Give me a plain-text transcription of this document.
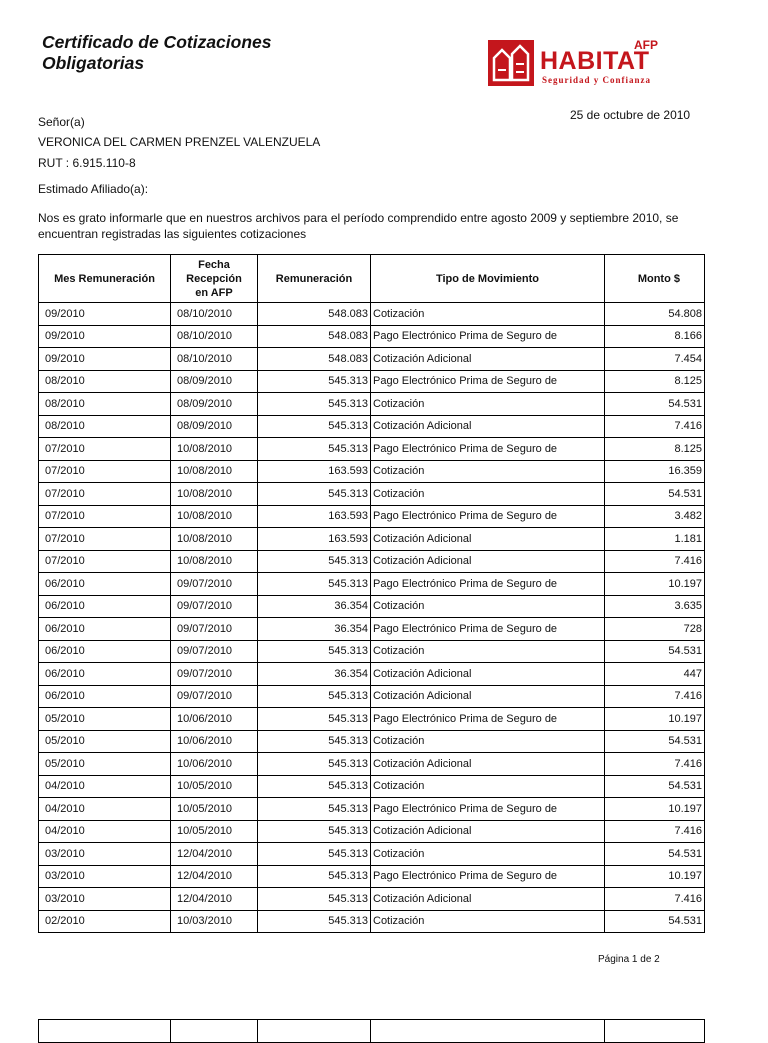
Certificado de Cotizaciones
Obligatorias
AFP
HABITAT
Seguridad y Confianza
25 de octubre de 2010
Señor(a)
VERONICA DEL CARMEN PRENZEL VALENZUELA
RUT : 6.915.110-8
Estimado Afiliado(a):
Nos es grato informarle que en nuestros archivos para el período comprendido entre agosto 2009 y septiembre 2010, se encuentran registradas las siguientes cotizaciones
Mes Remuneración	Fecha Recepción en AFP	Remuneración	Tipo de Movimiento	Monto $
09/2010	08/10/2010	548.083	Cotización	54.808
09/2010	08/10/2010	548.083	Pago Electrónico Prima de Seguro de	8.166
09/2010	08/10/2010	548.083	Cotización Adicional	7.454
08/2010	08/09/2010	545.313	Pago Electrónico Prima de Seguro de	8.125
08/2010	08/09/2010	545.313	Cotización	54.531
08/2010	08/09/2010	545.313	Cotización Adicional	7.416
07/2010	10/08/2010	545.313	Pago Electrónico Prima de Seguro de	8.125
07/2010	10/08/2010	163.593	Cotización	16.359
07/2010	10/08/2010	545.313	Cotización	54.531
07/2010	10/08/2010	163.593	Pago Electrónico Prima de Seguro de	3.482
07/2010	10/08/2010	163.593	Cotización Adicional	1.181
07/2010	10/08/2010	545.313	Cotización Adicional	7.416
06/2010	09/07/2010	545.313	Pago Electrónico Prima de Seguro de	10.197
06/2010	09/07/2010	36.354	Cotización	3.635
06/2010	09/07/2010	36.354	Pago Electrónico Prima de Seguro de	728
06/2010	09/07/2010	545.313	Cotización	54.531
06/2010	09/07/2010	36.354	Cotización Adicional	447
06/2010	09/07/2010	545.313	Cotización Adicional	7.416
05/2010	10/06/2010	545.313	Pago Electrónico Prima de Seguro de	10.197
05/2010	10/06/2010	545.313	Cotización	54.531
05/2010	10/06/2010	545.313	Cotización Adicional	7.416
04/2010	10/05/2010	545.313	Cotización	54.531
04/2010	10/05/2010	545.313	Pago Electrónico Prima de Seguro de	10.197
04/2010	10/05/2010	545.313	Cotización Adicional	7.416
03/2010	12/04/2010	545.313	Cotización	54.531
03/2010	12/04/2010	545.313	Pago Electrónico Prima de Seguro de	10.197
03/2010	12/04/2010	545.313	Cotización Adicional	7.416
02/2010	10/03/2010	545.313	Cotización	54.531
Página 1 de 2
